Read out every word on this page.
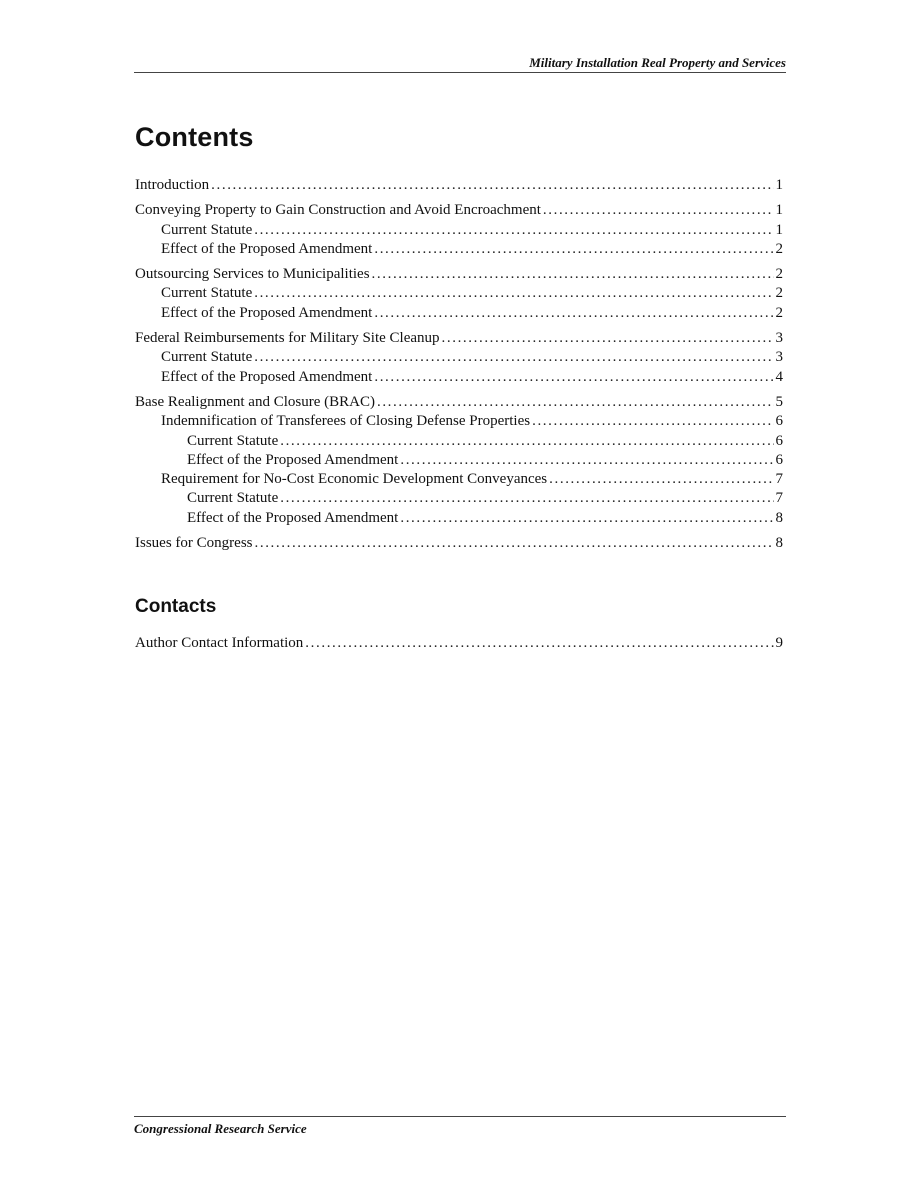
Military Installation Real Property and Services
Contents
Introduction .....	1
Conveying Property to Gain Construction and Avoid Encroachment .....	1
Current Statute .....	1
Effect of the Proposed Amendment .....	2
Outsourcing Services to Municipalities .....	2
Current Statute .....	2
Effect of the Proposed Amendment .....	2
Federal Reimbursements for Military Site Cleanup .....	3
Current Statute .....	3
Effect of the Proposed Amendment .....	4
Base Realignment and Closure (BRAC) .....	5
Indemnification of Transferees of Closing Defense Properties .....	6
Current Statute .....	6
Effect of the Proposed Amendment .....	6
Requirement for No-Cost Economic Development Conveyances .....	7
Current Statute .....	7
Effect of the Proposed Amendment .....	8
Issues for Congress .....	8
Contacts
Author Contact Information .....	9
Congressional Research Service
